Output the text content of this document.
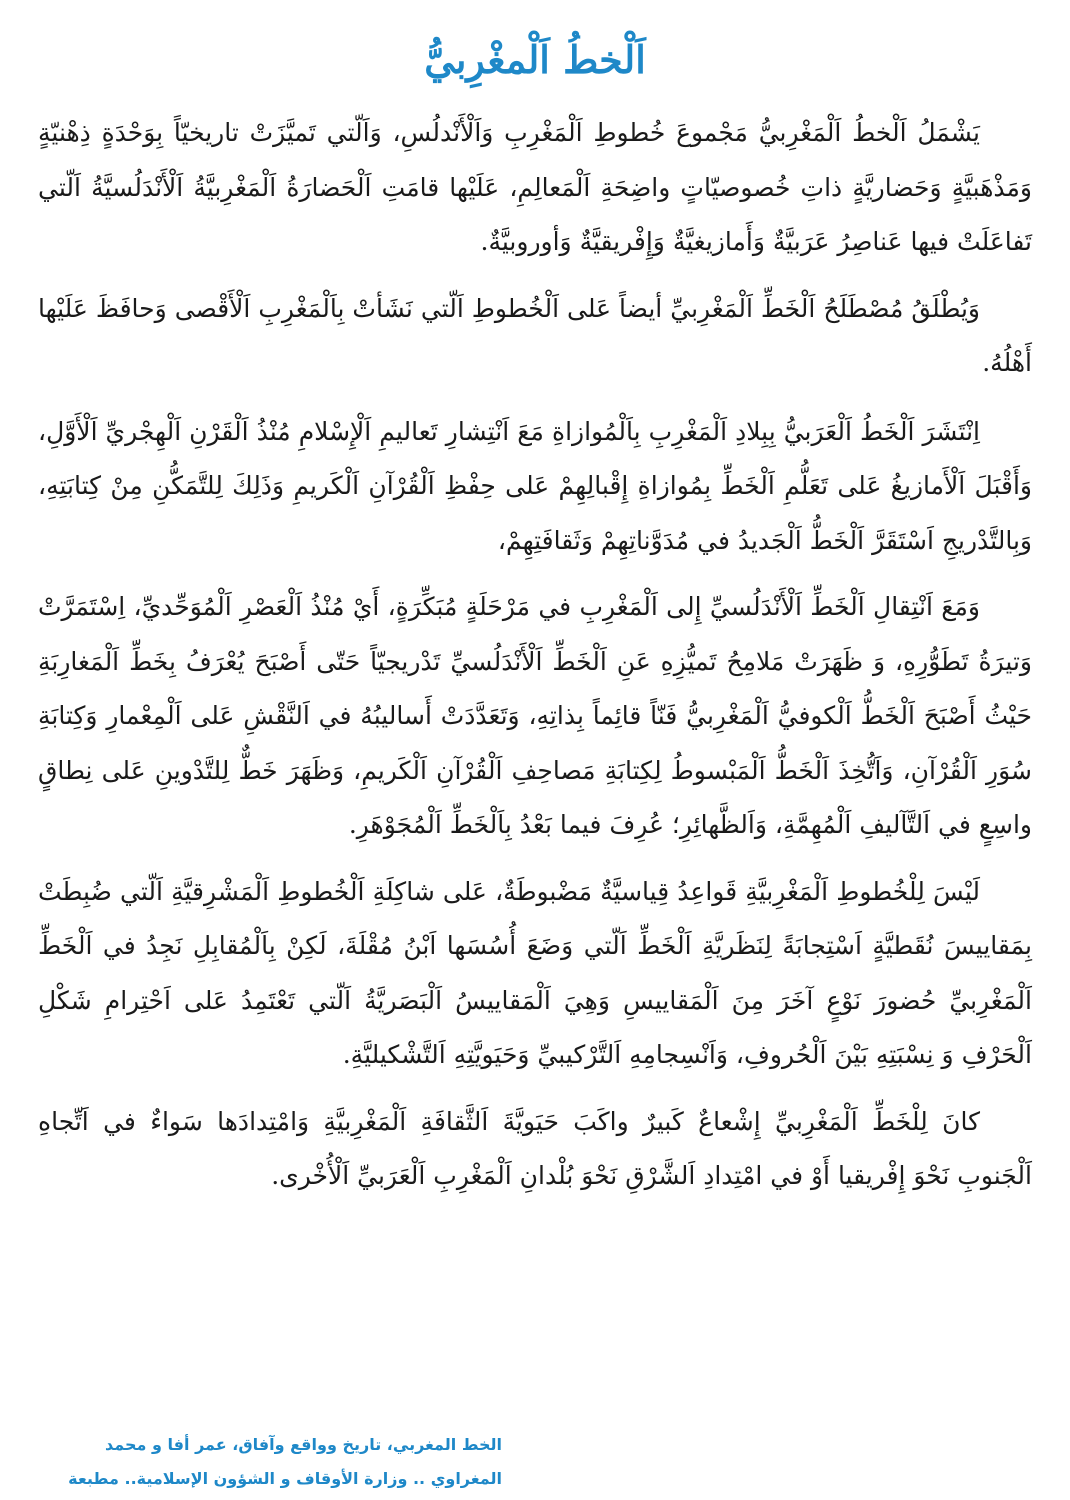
اَلْخطُ اَلْمغْرِبيُّ

يَشْمَلُ اَلْخطُ اَلْمَغْرِبيُّ مَجْموعَ خُطوطِ اَلْمَغْرِبِ وَاَلْأَنْدلُسِ، وَاَلّتي تَميَّزَتْ تاريخيّاً بِوَحْدَةٍ ذِهْنيّةٍ وَمَذْهَبيَّةٍ وَحَضاريَّةٍ ذاتِ خُصوصيّاتٍ واضِحَةِ اَلْمَعالِمِ، عَلَيْها قامَتِ اَلْحَضارَةُ اَلْمَغْرِبيَّةُ اَلْأَنْدَلُسيَّةُ اَلّتي تَفاعَلَتْ فيها عَناصِرُ عَرَبيَّةٌ وَأَمازيغيَّةٌ وَإِفْريقيَّةٌ وَأوروبيَّةٌ.

وَيُطْلَقُ مُصْطَلَحُ اَلْخَطِّ اَلْمَغْرِبيِّ أيضاً عَلى اَلْخُطوطِ اَلّتي نَشَأتْ بِاَلْمَغْرِبِ اَلْأَقْصى وَحافَظَ عَلَيْها أَهْلُهُ.

اِنْتَشَرَ اَلْخَطُ اَلْعَرَبيُّ بِبِلادِ اَلْمَغْرِبِ بِاَلْمُوازاةِ مَعَ اَنْتِشارِ تَعاليمِ اَلْإِسْلامِ مُنْذُ اَلْقَرْنِ اَلْهِجْريِّ اَلْأَوَّلِ، وَأَقْبَلَ اَلْأَمازيغُ عَلى تَعَلُّمِ اَلْخَطِّ بِمُوازاةِ إِقْبالِهِمْ عَلى حِفْظِ اَلْقُرْآنِ اَلْكَريمِ وَذَلِكَ لِلتَّمَكُّنِ مِنْ كِتابَتِهِ، وَبِالتَّدْريجِ اَسْتَقَرَّ اَلْخَطُّ اَلْجَديدُ في مُدَوَّناتِهِمْ وَثَقافَتِهِمْ،

وَمَعَ اَنْتِقالِ اَلْخَطِّ اَلْأَنْدَلُسيِّ إِلى اَلْمَغْرِبِ في مَرْحَلَةٍ مُبَكِّرَةٍ، أَيْ مُنْذُ اَلْعَصْرِ اَلْمُوَحِّديِّ، اِسْتَمَرَّتْ وَتيرَةُ تَطَوُّرِهِ، وَ ظَهَرَتْ مَلامِحُ تَميُّزِهِ عَنِ اَلْخَطِّ اَلْأَنْدَلُسيِّ تَدْريجيّاً حَتّى أَصْبَحَ يُعْرَفُ بِخَطِّ اَلْمَغارِبَةِ حَيْثُ أَصْبَحَ اَلْخَطُّ اَلْكوفيُّ اَلْمَغْرِبيُّ فَنّاً قائِماً بِذاتِهِ، وَتَعَدَّدَتْ أَساليبُهُ في اَلنَّقْشِ عَلى اَلْمِعْمارِ وَكِتابَةِ سُوَرِ اَلْقُرْآنِ، وَاَتُّخِذَ اَلْخَطُّ اَلْمَبْسوطُ لِكِتابَةِ مَصاحِفِ اَلْقُرْآنِ اَلْكَريمِ، وَظَهَرَ خَطٌّ لِلتَّدْوينِ عَلى نِطاقٍ واسِعٍ في اَلتَّآليفِ اَلْمُهِمَّةِ، وَاَلظَّهائِرِ؛ عُرِفَ فيما بَعْدُ بِاَلْخَطِّ اَلْمُجَوْهَرِ.

لَيْسَ لِلْخُطوطِ اَلْمَغْرِبيَّةِ قَواعِدُ قِياسيَّةٌ مَضْبوطَةٌ، عَلى شاكِلَةِ اَلْخُطوطِ اَلْمَشْرِقيَّةِ اَلّتي ضُبِطَتْ بِمَقاييسَ نُقَطيَّةٍ اَسْتِجابَةً لِنَظَريَّةِ اَلْخَطِّ اَلّتي وَضَعَ أُسُسَها اَبْنُ مُقْلَةَ، لَكِنْ بِاَلْمُقابِلِ نَجِدُ في اَلْخَطِّ اَلْمَغْرِبيِّ حُضورَ نَوْعٍ آخَرَ مِنَ اَلْمَقاييسِ وَهِيَ اَلْمَقاييسُ اَلْبَصَريَّةُ اَلّتي تَعْتَمِدُ عَلى اَحْتِرامِ شَكْلِ اَلْحَرْفِ وَ نِسْبَتِهِ بَيْنَ اَلْحُروفِ، وَاَنْسِجامِهِ اَلتَّرْكيبيِّ وَحَيَويَّتِهِ اَلتَّشْكيليَّةِ.

كانَ لِلْخَطِّ اَلْمَغْرِبيِّ إِشْعاعٌ كَبيرٌ واكَبَ حَيَويَّةَ اَلثَّقافَةِ اَلْمَغْرِبيَّةِ وَامْتِدادَها سَواءٌ في اَتِّجاهِ اَلْجَنوبِ نَحْوَ إِفْريقيا أَوْ في امْتِدادِ اَلشَّرْقِ نَحْوَ بُلْدانِ اَلْمَغْرِبِ اَلْعَرَبيِّ اَلْأُخْرى.

الخط المغربي، تاريخ وواقع وآفاق، عمر أفا و محمد
المغراوي .. وزارة الأوقاف و الشؤون الإسلامية.. مطبعة
